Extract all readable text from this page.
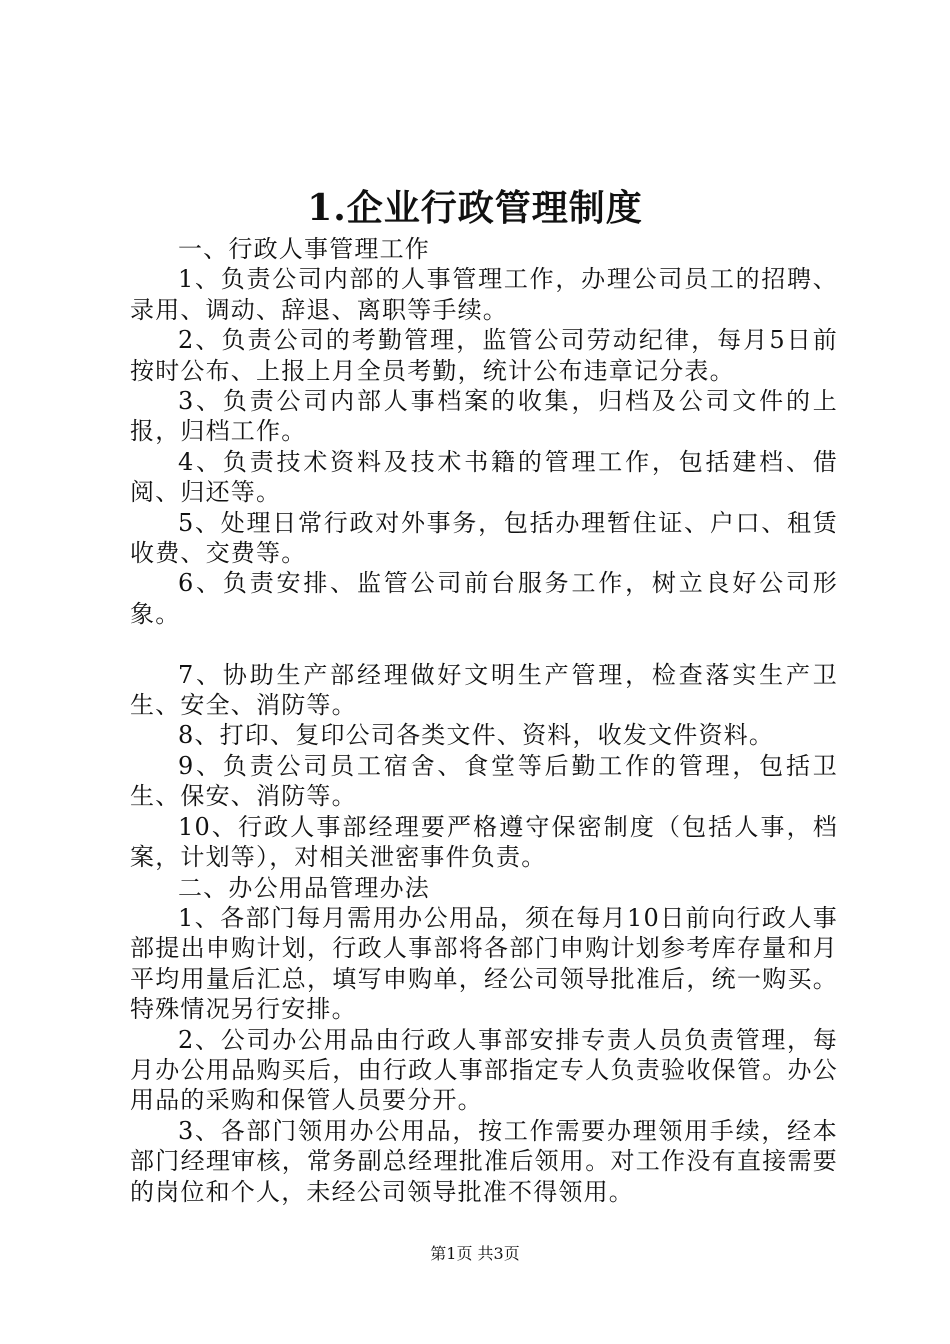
1.企业行政管理制度

一、行政人事管理工作

1、负责公司内部的人事管理工作，办理公司员工的招聘、录用、调动、辞退、离职等手续。

2、负责公司的考勤管理，监管公司劳动纪律，每月5日前按时公布、上报上月全员考勤，统计公布违章记分表。

3、负责公司内部人事档案的收集，归档及公司文件的上报，归档工作。

4、负责技术资料及技术书籍的管理工作，包括建档、借阅、归还等。

5、处理日常行政对外事务，包括办理暂住证、户口、租赁收费、交费等。

6、负责安排、监管公司前台服务工作，树立良好公司形象。

7、协助生产部经理做好文明生产管理，检查落实生产卫生、安全、消防等。

8、打印、复印公司各类文件、资料，收发文件资料。

9、负责公司员工宿舍、食堂等后勤工作的管理，包括卫生、保安、消防等。

10、行政人事部经理要严格遵守保密制度（包括人事，档案，计划等），对相关泄密事件负责。

二、办公用品管理办法

1、各部门每月需用办公用品，须在每月10日前向行政人事部提出申购计划，行政人事部将各部门申购计划参考库存量和月平均用量后汇总，填写申购单，经公司领导批准后，统一购买。特殊情况另行安排。

2、公司办公用品由行政人事部安排专责人员负责管理，每月办公用品购买后，由行政人事部指定专人负责验收保管。办公用品的采购和保管人员要分开。

3、各部门领用办公用品，按工作需要办理领用手续，经本部门经理审核，常务副总经理批准后领用。对工作没有直接需要的岗位和个人，未经公司领导批准不得领用。

第1页 共3页
